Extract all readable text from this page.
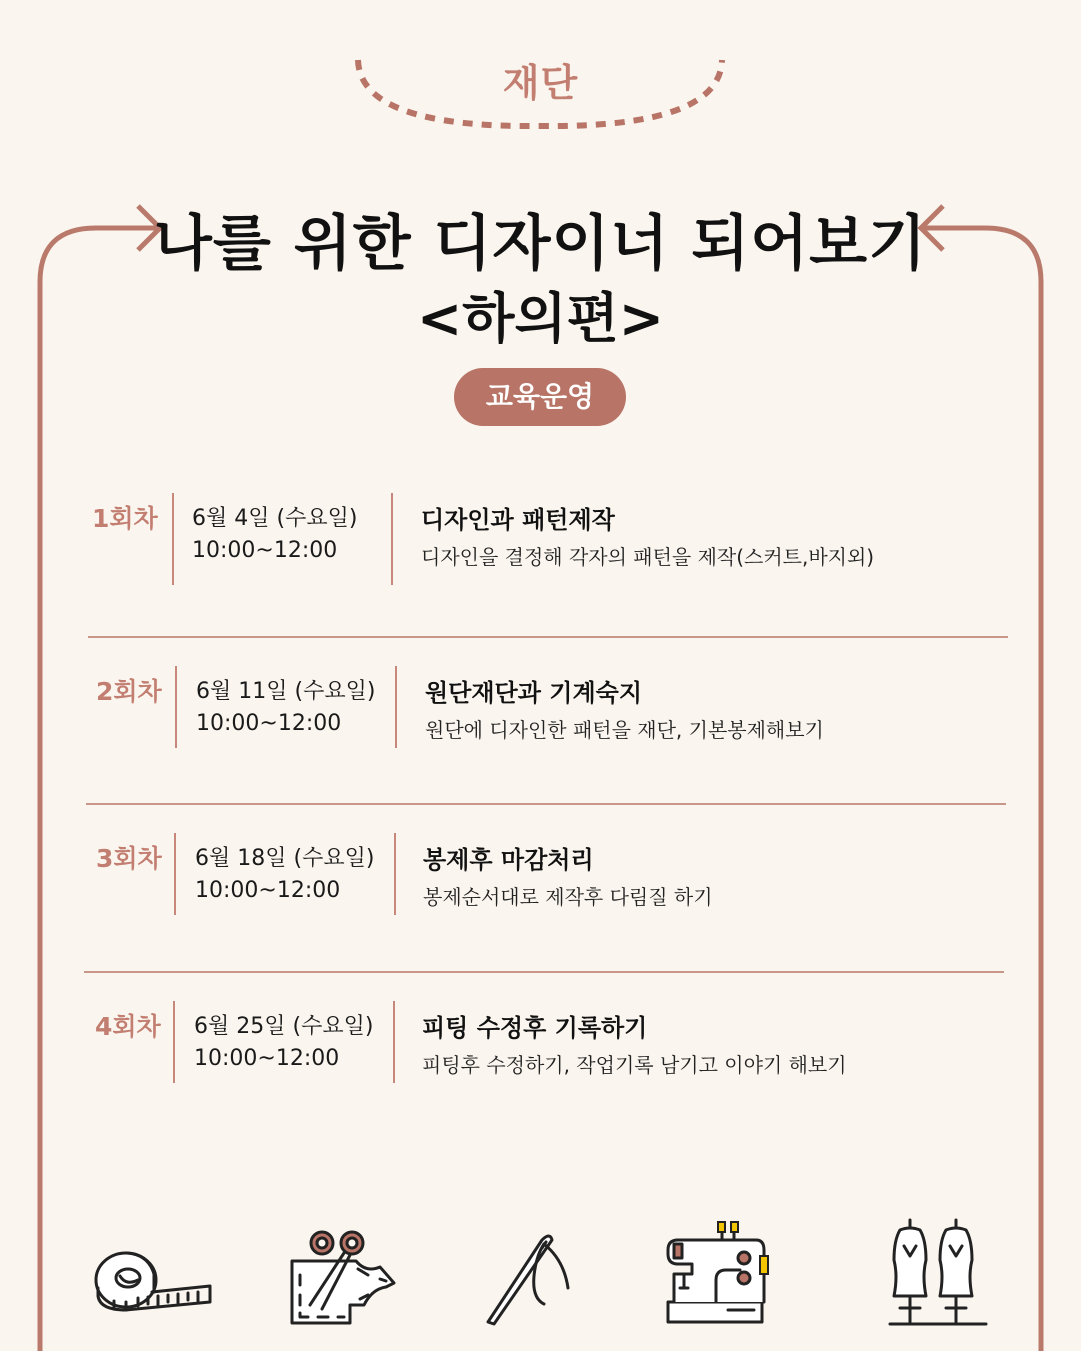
재단
나를 위한 디자이너 되어보기
<하의편>
교육운영
1회차 6월 4일 (수요일)
10:00~12:00
디자인과 패턴제작
디자인을 결정해 각자의 패턴을 제작(스커트,바지외)
2회차 6월 11일 (수요일)
10:00~12:00
원단재단과 기계숙지
원단에 디자인한 패턴을 재단, 기본봉제해보기
3회차 6월 18일 (수요일)
10:00~12:00
봉제후 마감처리
봉제순서대로 제작후 다림질 하기
4회차 6월 25일 (수요일)
10:00~12:00
피팅 수정후 기록하기
피팅후 수정하기, 작업기록 남기고 이야기 해보기
